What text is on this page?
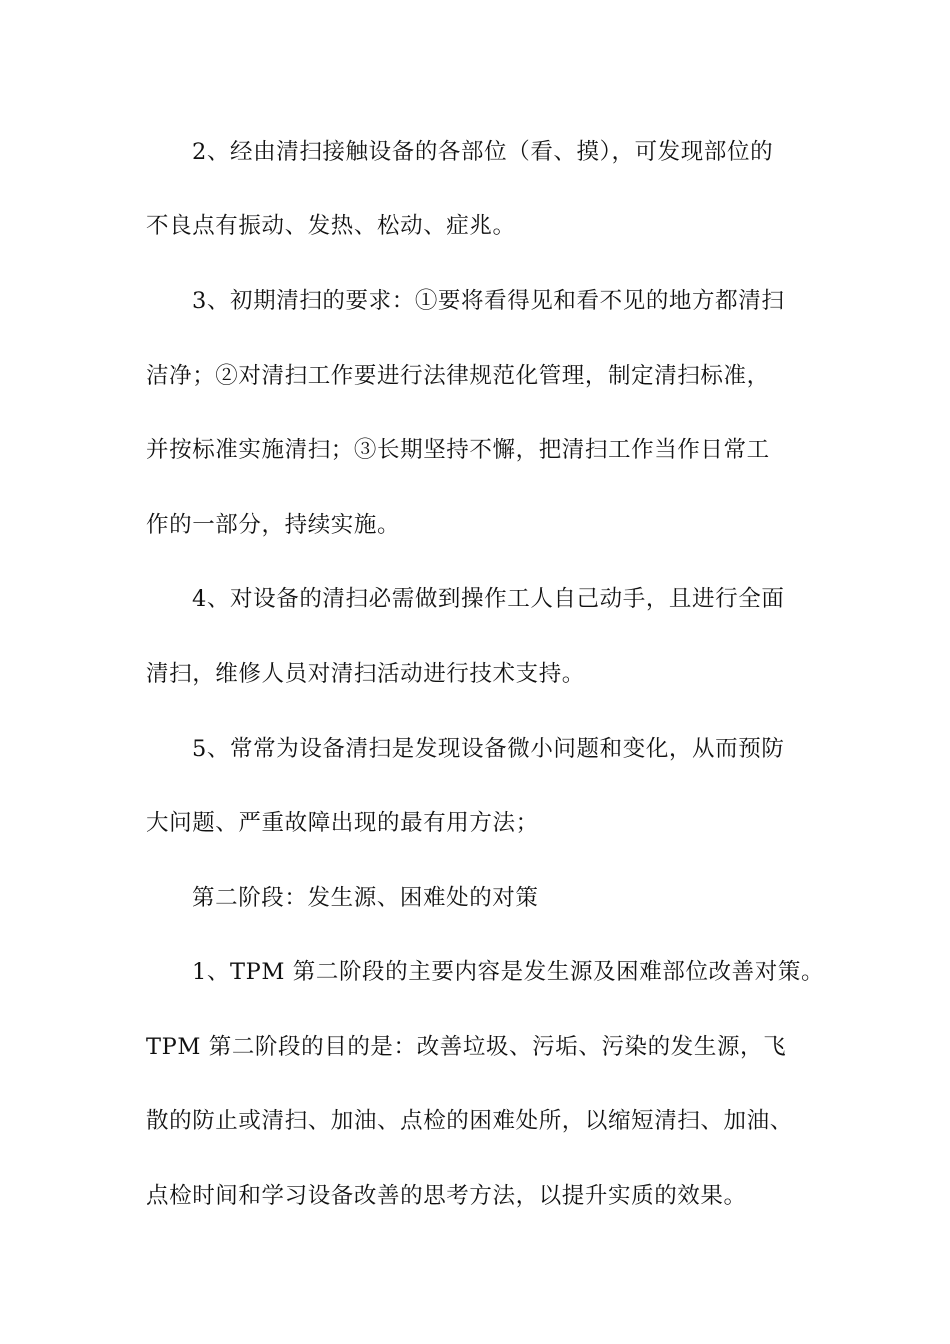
2、经由清扫接触设备的各部位（看、摸），可发现部位的

不良点有振动、发热、松动、症兆。

3、初期清扫的要求：①要将看得见和看不见的地方都清扫

洁净；②对清扫工作要进行法律规范化管理，制定清扫标准，

并按标准实施清扫；③长期坚持不懈，把清扫工作当作日常工

作的一部分，持续实施。

4、对设备的清扫必需做到操作工人自己动手，且进行全面

清扫，维修人员对清扫活动进行技术支持。

5、常常为设备清扫是发现设备微小问题和变化，从而预防

大问题、严重故障出现的最有用方法；

第二阶段：发生源、困难处的对策

1、TPM 第二阶段的主要内容是发生源及困难部位改善对策。

TPM 第二阶段的目的是：改善垃圾、污垢、污染的发生源，飞

散的防止或清扫、加油、点检的困难处所，以缩短清扫、加油、

点检时间和学习设备改善的思考方法，以提升实质的效果。
